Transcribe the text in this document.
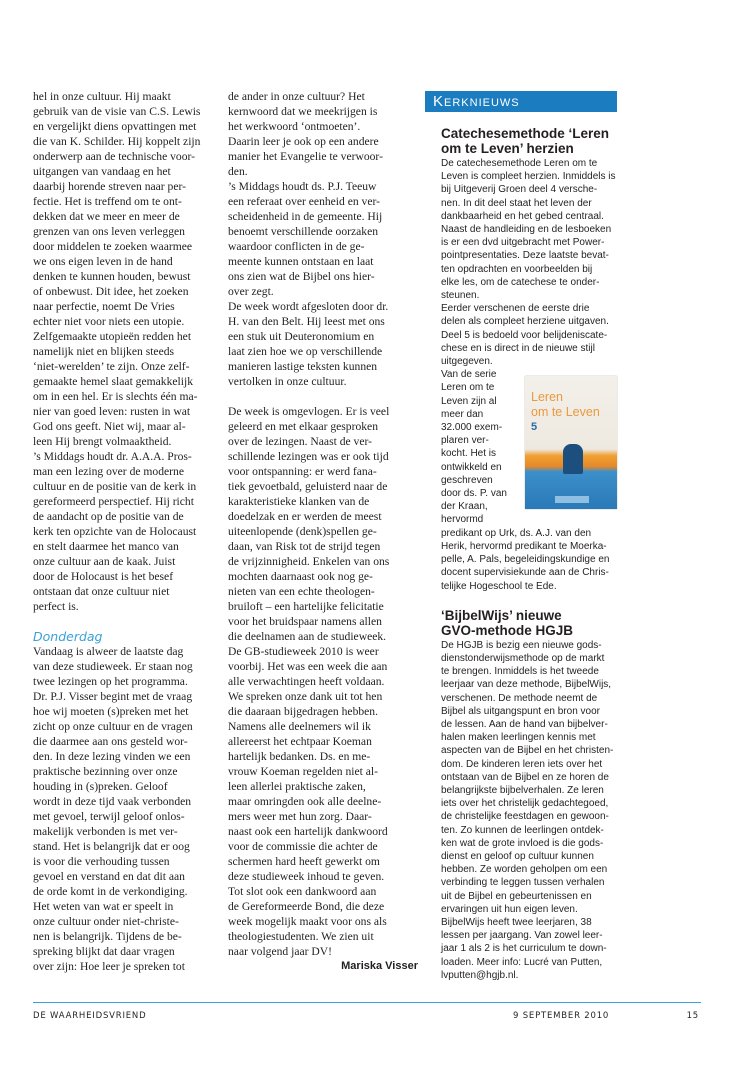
hel in onze cultuur. Hij maakt
gebruik van de visie van C.S. Lewis
en vergelijkt diens opvattingen met
die van K. Schilder. Hij koppelt zijn
onderwerp aan de technische voor-
uitgangen van vandaag en het
daarbij horende streven naar per-
fectie. Het is treffend om te ont-
dekken dat we meer en meer de
grenzen van ons leven verleggen
door middelen te zoeken waarmee
we ons eigen leven in de hand
denken te kunnen houden, bewust
of onbewust. Dit idee, het zoeken
naar perfectie, noemt De Vries
echter niet voor niets een utopie.
Zelfgemaakte utopieën redden het
namelijk niet en blijken steeds
‘niet-werelden’ te zijn. Onze zelf-
gemaakte hemel slaat gemakkelijk
om in een hel. Er is slechts één ma-
nier van goed leven: rusten in wat
God ons geeft. Niet wij, maar al-
leen Hij brengt volmaaktheid.

’s Middags houdt dr. A.A.A. Pros-
man een lezing over de moderne
cultuur en de positie van de kerk in
gereformeerd perspectief. Hij richt
de aandacht op de positie van de
kerk ten opzichte van de Holocaust
en stelt daarmee het manco van
onze cultuur aan de kaak. Juist
door de Holocaust is het besef
ontstaan dat onze cultuur niet
perfect is.

Donderdag

Vandaag is alweer de laatste dag
van deze studieweek. Er staan nog
twee lezingen op het programma.
Dr. P.J. Visser begint met de vraag
hoe wij moeten (s)preken met het
zicht op onze cultuur en de vragen
die daarmee aan ons gesteld wor-
den. In deze lezing vinden we een
praktische bezinning over onze
houding in (s)preken. Geloof
wordt in deze tijd vaak verbonden
met gevoel, terwijl geloof onlos-
makelijk verbonden is met ver-
stand. Het is belangrijk dat er oog
is voor die verhouding tussen
gevoel en verstand en dat dit aan
de orde komt in de verkondiging.
Het weten van wat er speelt in
onze cultuur onder niet-christe-
nen is belangrijk. Tijdens de be-
spreking blijkt dat daar vragen
over zijn: Hoe leer je spreken tot

de ander in onze cultuur? Het
kernwoord dat we meekrijgen is
het werkwoord ‘ontmoeten’.
Daarin leer je ook op een andere
manier het Evangelie te verwoor-
den.

’s Middags houdt ds. P.J. Teeuw
een referaat over eenheid en ver-
scheidenheid in de gemeente. Hij
benoemt verschillende oorzaken
waardoor conflicten in de ge-
meente kunnen ontstaan en laat
ons zien wat de Bijbel ons hier-
over zegt.

De week wordt afgesloten door dr.
H. van den Belt. Hij leest met ons
een stuk uit Deuteronomium en
laat zien hoe we op verschillende
manieren lastige teksten kunnen
vertolken in onze cultuur.

De week is omgevlogen. Er is veel
geleerd en met elkaar gesproken
over de lezingen. Naast de ver-
schillende lezingen was er ook tijd
voor ontspanning: er werd fana-
tiek gevoetbald, geluisterd naar de
karakteristieke klanken van de
doedelzak en er werden de meest
uiteenlopende (denk)spellen ge-
daan, van Risk tot de strijd tegen
de vrijzinnigheid. Enkelen van ons
mochten daarnaast ook nog ge-
nieten van een echte theologen-
bruiloft – een hartelijke felicitatie
voor het bruidspaar namens allen
die deelnamen aan de studieweek.
De GB-studieweek 2010 is weer
voorbij. Het was een week die aan
alle verwachtingen heeft voldaan.
We spreken onze dank uit tot hen
die daaraan bijgedragen hebben.
Namens alle deelnemers wil ik
allereerst het echtpaar Koeman
hartelijk bedanken. Ds. en me-
vrouw Koeman regelden niet al-
leen allerlei praktische zaken,
maar omringden ook alle deelne-
mers weer met hun zorg. Daar-
naast ook een hartelijk dankwoord
voor de commissie die achter de
schermen hard heeft gewerkt om
deze studieweek inhoud te geven.
Tot slot ook een dankwoord aan
de Gereformeerde Bond, die deze
week mogelijk maakt voor ons als
theologiestudenten. We zien uit
naar volgend jaar DV!

Mariska Visser
Kerknieuws
Catechesemethode ‘Leren
om te Leven’ herzien

De catechesemethode Leren om te
Leven is compleet herzien. Inmiddels is
bij Uitgeverij Groen deel 4 versche-
nen. In dit deel staat het leven der
dankbaarheid en het gebed centraal.
Naast de handleiding en de lesboeken
is er een dvd uitgebracht met Power-
pointpresentaties. Deze laatste bevat-
ten opdrachten en voorbeelden bij
elke les, om de catechese te onder-
steunen.
Eerder verschenen de eerste drie
delen als compleet herziene uitgaven.
Deel 5 is bedoeld voor belijdeniscate-
chese en is direct in de nieuwe stijl
uitgegeven.

Leren
om te Leven
5
Van de serie
Leren om te
Leven zijn al
meer dan
32.000 exem-
plaren ver-
kocht. Het is
ontwikkeld en
geschreven
door ds. P. van
der Kraan,
hervormd
predikant op Urk, ds. A.J. van den
Herik, hervormd predikant te Moerka-
pelle, A. Pals, begeleidingskundige en
docent supervisiekunde aan de Chris-
telijke Hogeschool te Ede.
‘BijbelWijs’ nieuwe
GVO-methode HGJB

De HGJB is bezig een nieuwe gods-
dienstonderwijsmethode op de markt
te brengen. Inmiddels is het tweede
leerjaar van deze methode, BijbelWijs,
verschenen. De methode neemt de
Bijbel als uitgangspunt en bron voor
de lessen. Aan de hand van bijbelver-
halen maken leerlingen kennis met
aspecten van de Bijbel en het christen-
dom. De kinderen leren iets over het
ontstaan van de Bijbel en ze horen de
belangrijkste bijbelverhalen. Ze leren
iets over het christelijk gedachtegoed,
de christelijke feestdagen en gewoon-
ten. Zo kunnen de leerlingen ontdek-
ken wat de grote invloed is die gods-
dienst en geloof op cultuur kunnen
hebben. Ze worden geholpen om een
verbinding te leggen tussen verhalen
uit de Bijbel en gebeurtenissen en
ervaringen uit hun eigen leven.
BijbelWijs heeft twee leerjaren, 38
lessen per jaargang. Van zowel leer-
jaar 1 als 2 is het curriculum te down-
loaden. Meer info: Lucré van Putten,
lvputten@hgjb.nl.

DE WAARHEIDSVRIEND	9 SEPTEMBER 2010	15
